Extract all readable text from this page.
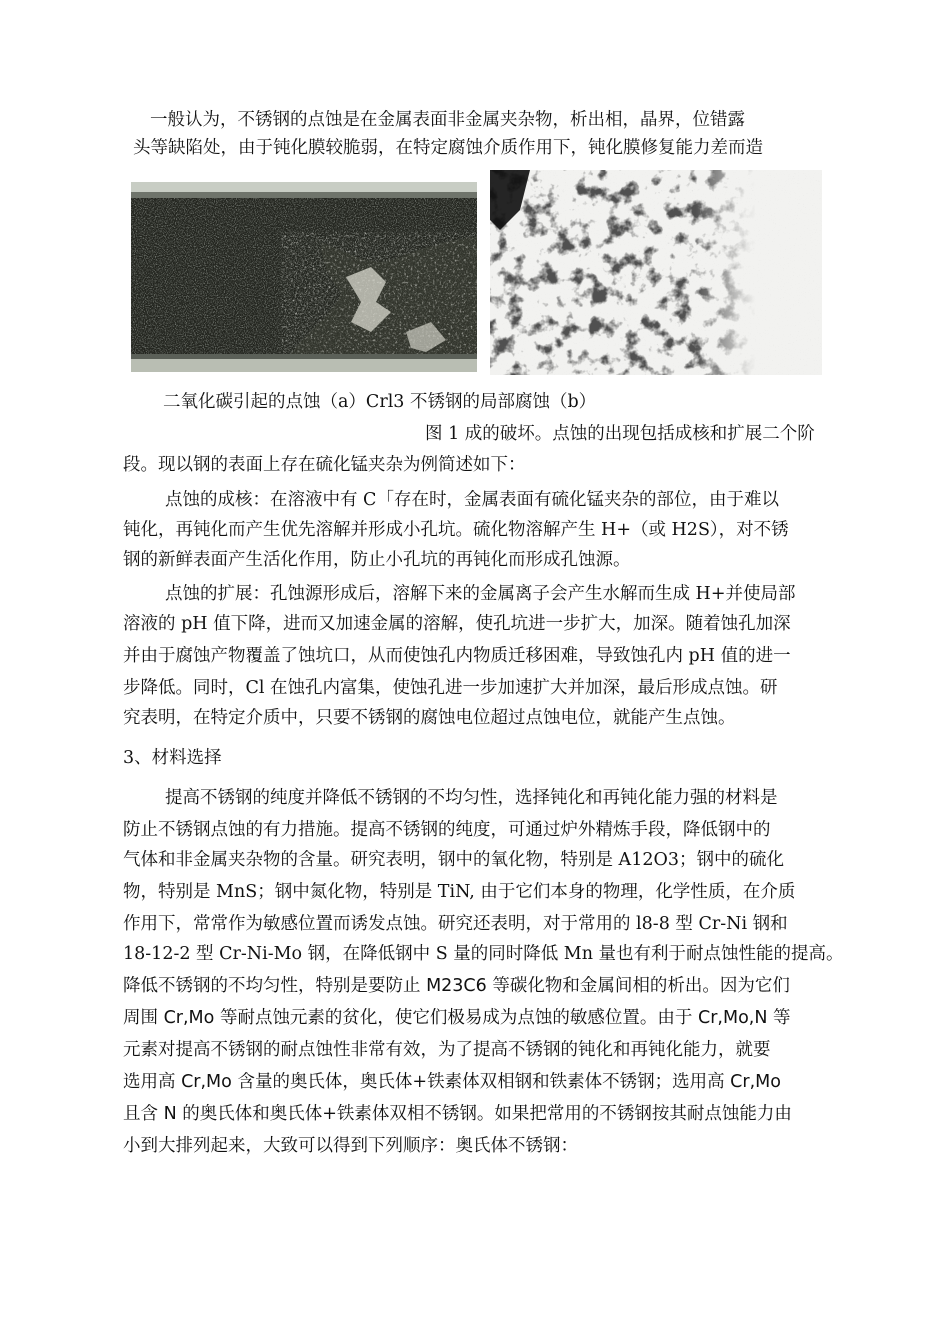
一般认为，不锈钢的点蚀是在金属表面非金属夹杂物，析出相，晶界，位错露
头等缺陷处，由于钝化膜较脆弱，在特定腐蚀介质作用下，钝化膜修复能力差而造
二氧化碳引起的点蚀（a）Crl3 不锈钢的局部腐蚀（b）
图 1 成的破坏。点蚀的出现包括成核和扩展二个阶
段。现以钢的表面上存在硫化锰夹杂为例简述如下：
点蚀的成核：在溶液中有 C「存在时，金属表面有硫化锰夹杂的部位，由于难以
钝化，再钝化而产生优先溶解并形成小孔坑。硫化物溶解产生 H+（或 H2S），对不锈
钢的新鲜表面产生活化作用，防止小孔坑的再钝化而形成孔蚀源。
点蚀的扩展：孔蚀源形成后，溶解下来的金属离子会产生水解而生成 H+并使局部
溶液的 pH 值下降，进而又加速金属的溶解，使孔坑进一步扩大，加深。随着蚀孔加深
并由于腐蚀产物覆盖了蚀坑口，从而使蚀孔内物质迁移困难，导致蚀孔内 pH 值的进一
步降低。同时，Cl 在蚀孔内富集，使蚀孔进一步加速扩大并加深，最后形成点蚀。研
究表明，在特定介质中，只要不锈钢的腐蚀电位超过点蚀电位，就能产生点蚀。
3、材料选择
提高不锈钢的纯度并降低不锈钢的不均匀性，选择钝化和再钝化能力强的材料是
防止不锈钢点蚀的有力措施。提高不锈钢的纯度，可通过炉外精炼手段，降低钢中的
气体和非金属夹杂物的含量。研究表明，钢中的氧化物，特别是 A12O3；钢中的硫化
物，特别是 MnS；钢中氮化物，特别是 TiN, 由于它们本身的物理，化学性质，在介质
作用下，常常作为敏感位置而诱发点蚀。研究还表明，对于常用的 l8-8 型 Cr-Ni 钢和
18-12-2 型 Cr-Ni-Mo 钢，在降低钢中 S 量的同时降低 Mn 量也有利于耐点蚀性能的提高。
降低不锈钢的不均匀性，特别是要防止 M23C6 等碳化物和金属间相的析出。因为它们
周围 Cr,Mo 等耐点蚀元素的贫化，使它们极易成为点蚀的敏感位置。由于 Cr,Mo,N 等
元素对提高不锈钢的耐点蚀性非常有效，为了提高不锈钢的钝化和再钝化能力，就要
选用高 Cr,Mo 含量的奥氏体，奥氏体+铁素体双相钢和铁素体不锈钢；选用高 Cr,Mo
且含 N 的奥氏体和奥氏体+铁素体双相不锈钢。如果把常用的不锈钢按其耐点蚀能力由
小到大排列起来，大致可以得到下列顺序：奥氏体不锈钢：
